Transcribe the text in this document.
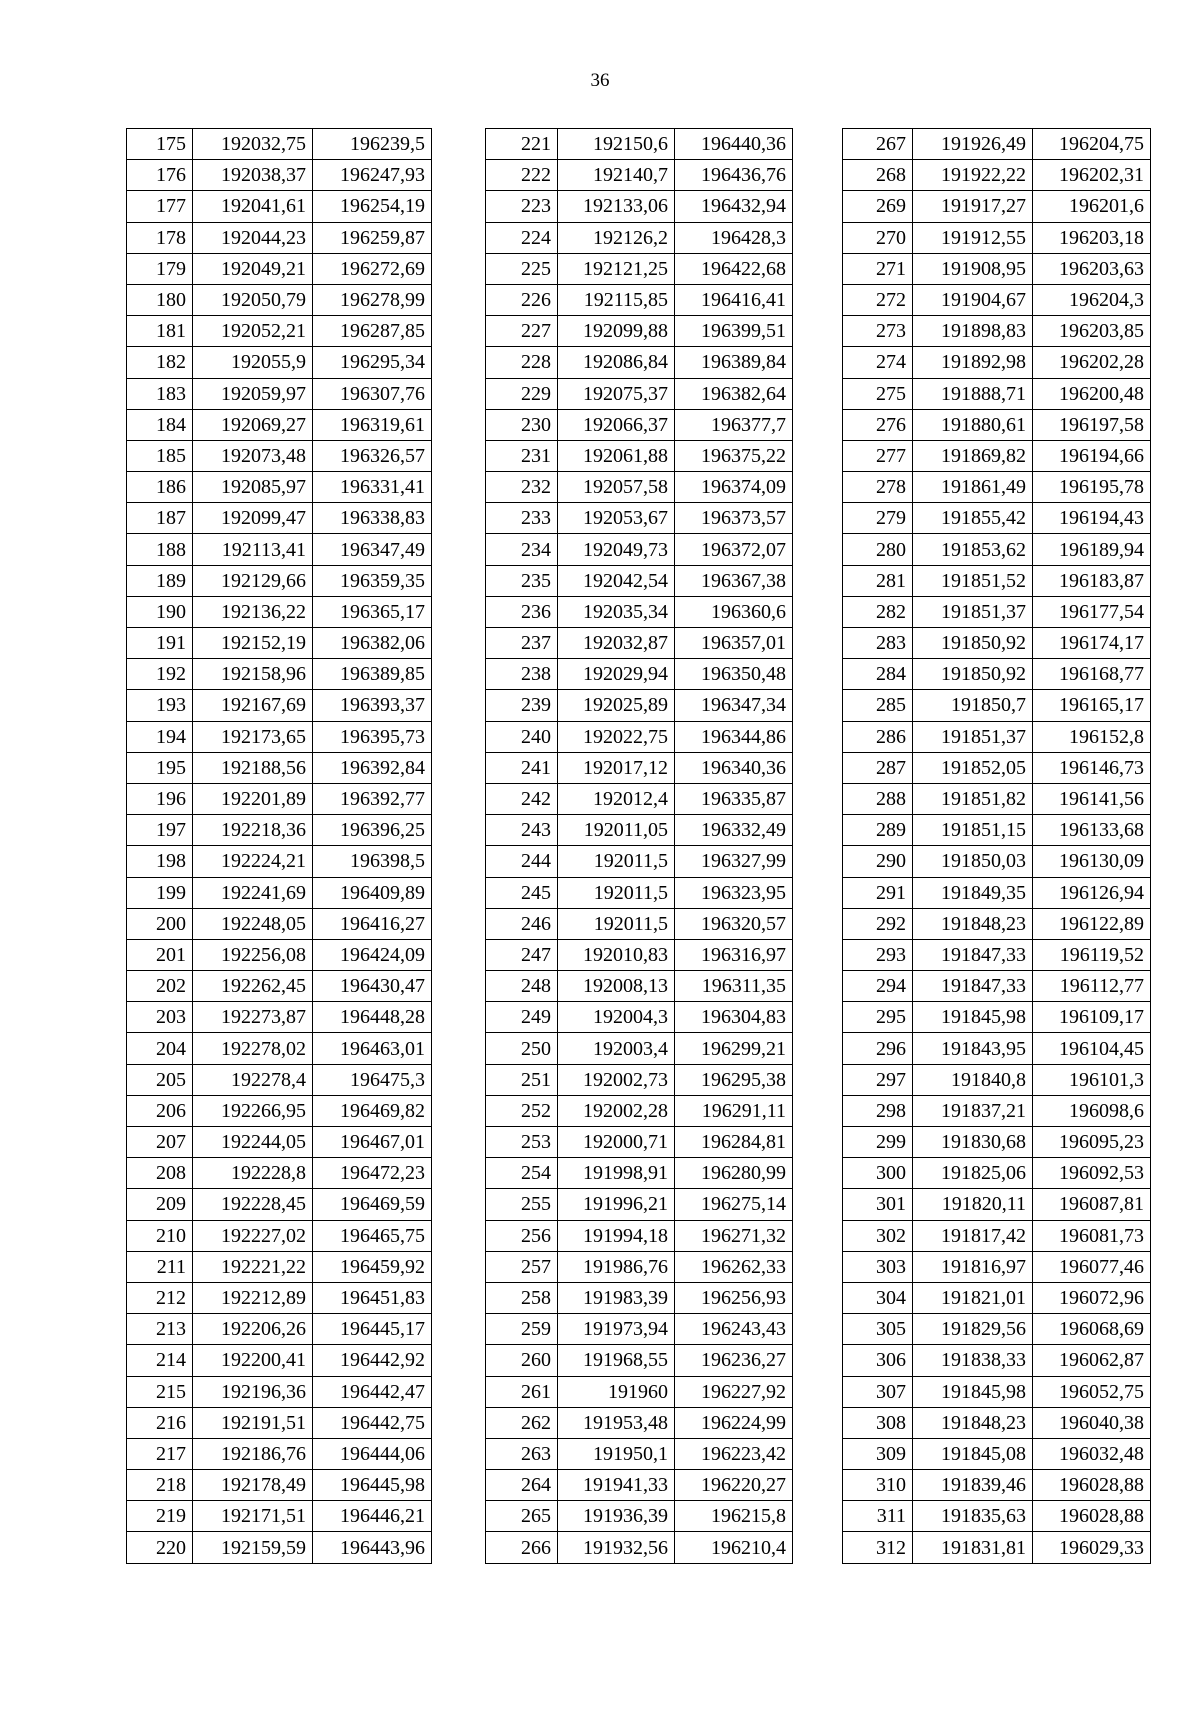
36
175	192032,75	196239,5
176	192038,37	196247,93
177	192041,61	196254,19
178	192044,23	196259,87
179	192049,21	196272,69
180	192050,79	196278,99
181	192052,21	196287,85
182	192055,9	196295,34
183	192059,97	196307,76
184	192069,27	196319,61
185	192073,48	196326,57
186	192085,97	196331,41
187	192099,47	196338,83
188	192113,41	196347,49
189	192129,66	196359,35
190	192136,22	196365,17
191	192152,19	196382,06
192	192158,96	196389,85
193	192167,69	196393,37
194	192173,65	196395,73
195	192188,56	196392,84
196	192201,89	196392,77
197	192218,36	196396,25
198	192224,21	196398,5
199	192241,69	196409,89
200	192248,05	196416,27
201	192256,08	196424,09
202	192262,45	196430,47
203	192273,87	196448,28
204	192278,02	196463,01
205	192278,4	196475,3
206	192266,95	196469,82
207	192244,05	196467,01
208	192228,8	196472,23
209	192228,45	196469,59
210	192227,02	196465,75
211	192221,22	196459,92
212	192212,89	196451,83
213	192206,26	196445,17
214	192200,41	196442,92
215	192196,36	196442,47
216	192191,51	196442,75
217	192186,76	196444,06
218	192178,49	196445,98
219	192171,51	196446,21
220	192159,59	196443,96
221	192150,6	196440,36
222	192140,7	196436,76
223	192133,06	196432,94
224	192126,2	196428,3
225	192121,25	196422,68
226	192115,85	196416,41
227	192099,88	196399,51
228	192086,84	196389,84
229	192075,37	196382,64
230	192066,37	196377,7
231	192061,88	196375,22
232	192057,58	196374,09
233	192053,67	196373,57
234	192049,73	196372,07
235	192042,54	196367,38
236	192035,34	196360,6
237	192032,87	196357,01
238	192029,94	196350,48
239	192025,89	196347,34
240	192022,75	196344,86
241	192017,12	196340,36
242	192012,4	196335,87
243	192011,05	196332,49
244	192011,5	196327,99
245	192011,5	196323,95
246	192011,5	196320,57
247	192010,83	196316,97
248	192008,13	196311,35
249	192004,3	196304,83
250	192003,4	196299,21
251	192002,73	196295,38
252	192002,28	196291,11
253	192000,71	196284,81
254	191998,91	196280,99
255	191996,21	196275,14
256	191994,18	196271,32
257	191986,76	196262,33
258	191983,39	196256,93
259	191973,94	196243,43
260	191968,55	196236,27
261	191960	196227,92
262	191953,48	196224,99
263	191950,1	196223,42
264	191941,33	196220,27
265	191936,39	196215,8
266	191932,56	196210,4
267	191926,49	196204,75
268	191922,22	196202,31
269	191917,27	196201,6
270	191912,55	196203,18
271	191908,95	196203,63
272	191904,67	196204,3
273	191898,83	196203,85
274	191892,98	196202,28
275	191888,71	196200,48
276	191880,61	196197,58
277	191869,82	196194,66
278	191861,49	196195,78
279	191855,42	196194,43
280	191853,62	196189,94
281	191851,52	196183,87
282	191851,37	196177,54
283	191850,92	196174,17
284	191850,92	196168,77
285	191850,7	196165,17
286	191851,37	196152,8
287	191852,05	196146,73
288	191851,82	196141,56
289	191851,15	196133,68
290	191850,03	196130,09
291	191849,35	196126,94
292	191848,23	196122,89
293	191847,33	196119,52
294	191847,33	196112,77
295	191845,98	196109,17
296	191843,95	196104,45
297	191840,8	196101,3
298	191837,21	196098,6
299	191830,68	196095,23
300	191825,06	196092,53
301	191820,11	196087,81
302	191817,42	196081,73
303	191816,97	196077,46
304	191821,01	196072,96
305	191829,56	196068,69
306	191838,33	196062,87
307	191845,98	196052,75
308	191848,23	196040,38
309	191845,08	196032,48
310	191839,46	196028,88
311	191835,63	196028,88
312	191831,81	196029,33
